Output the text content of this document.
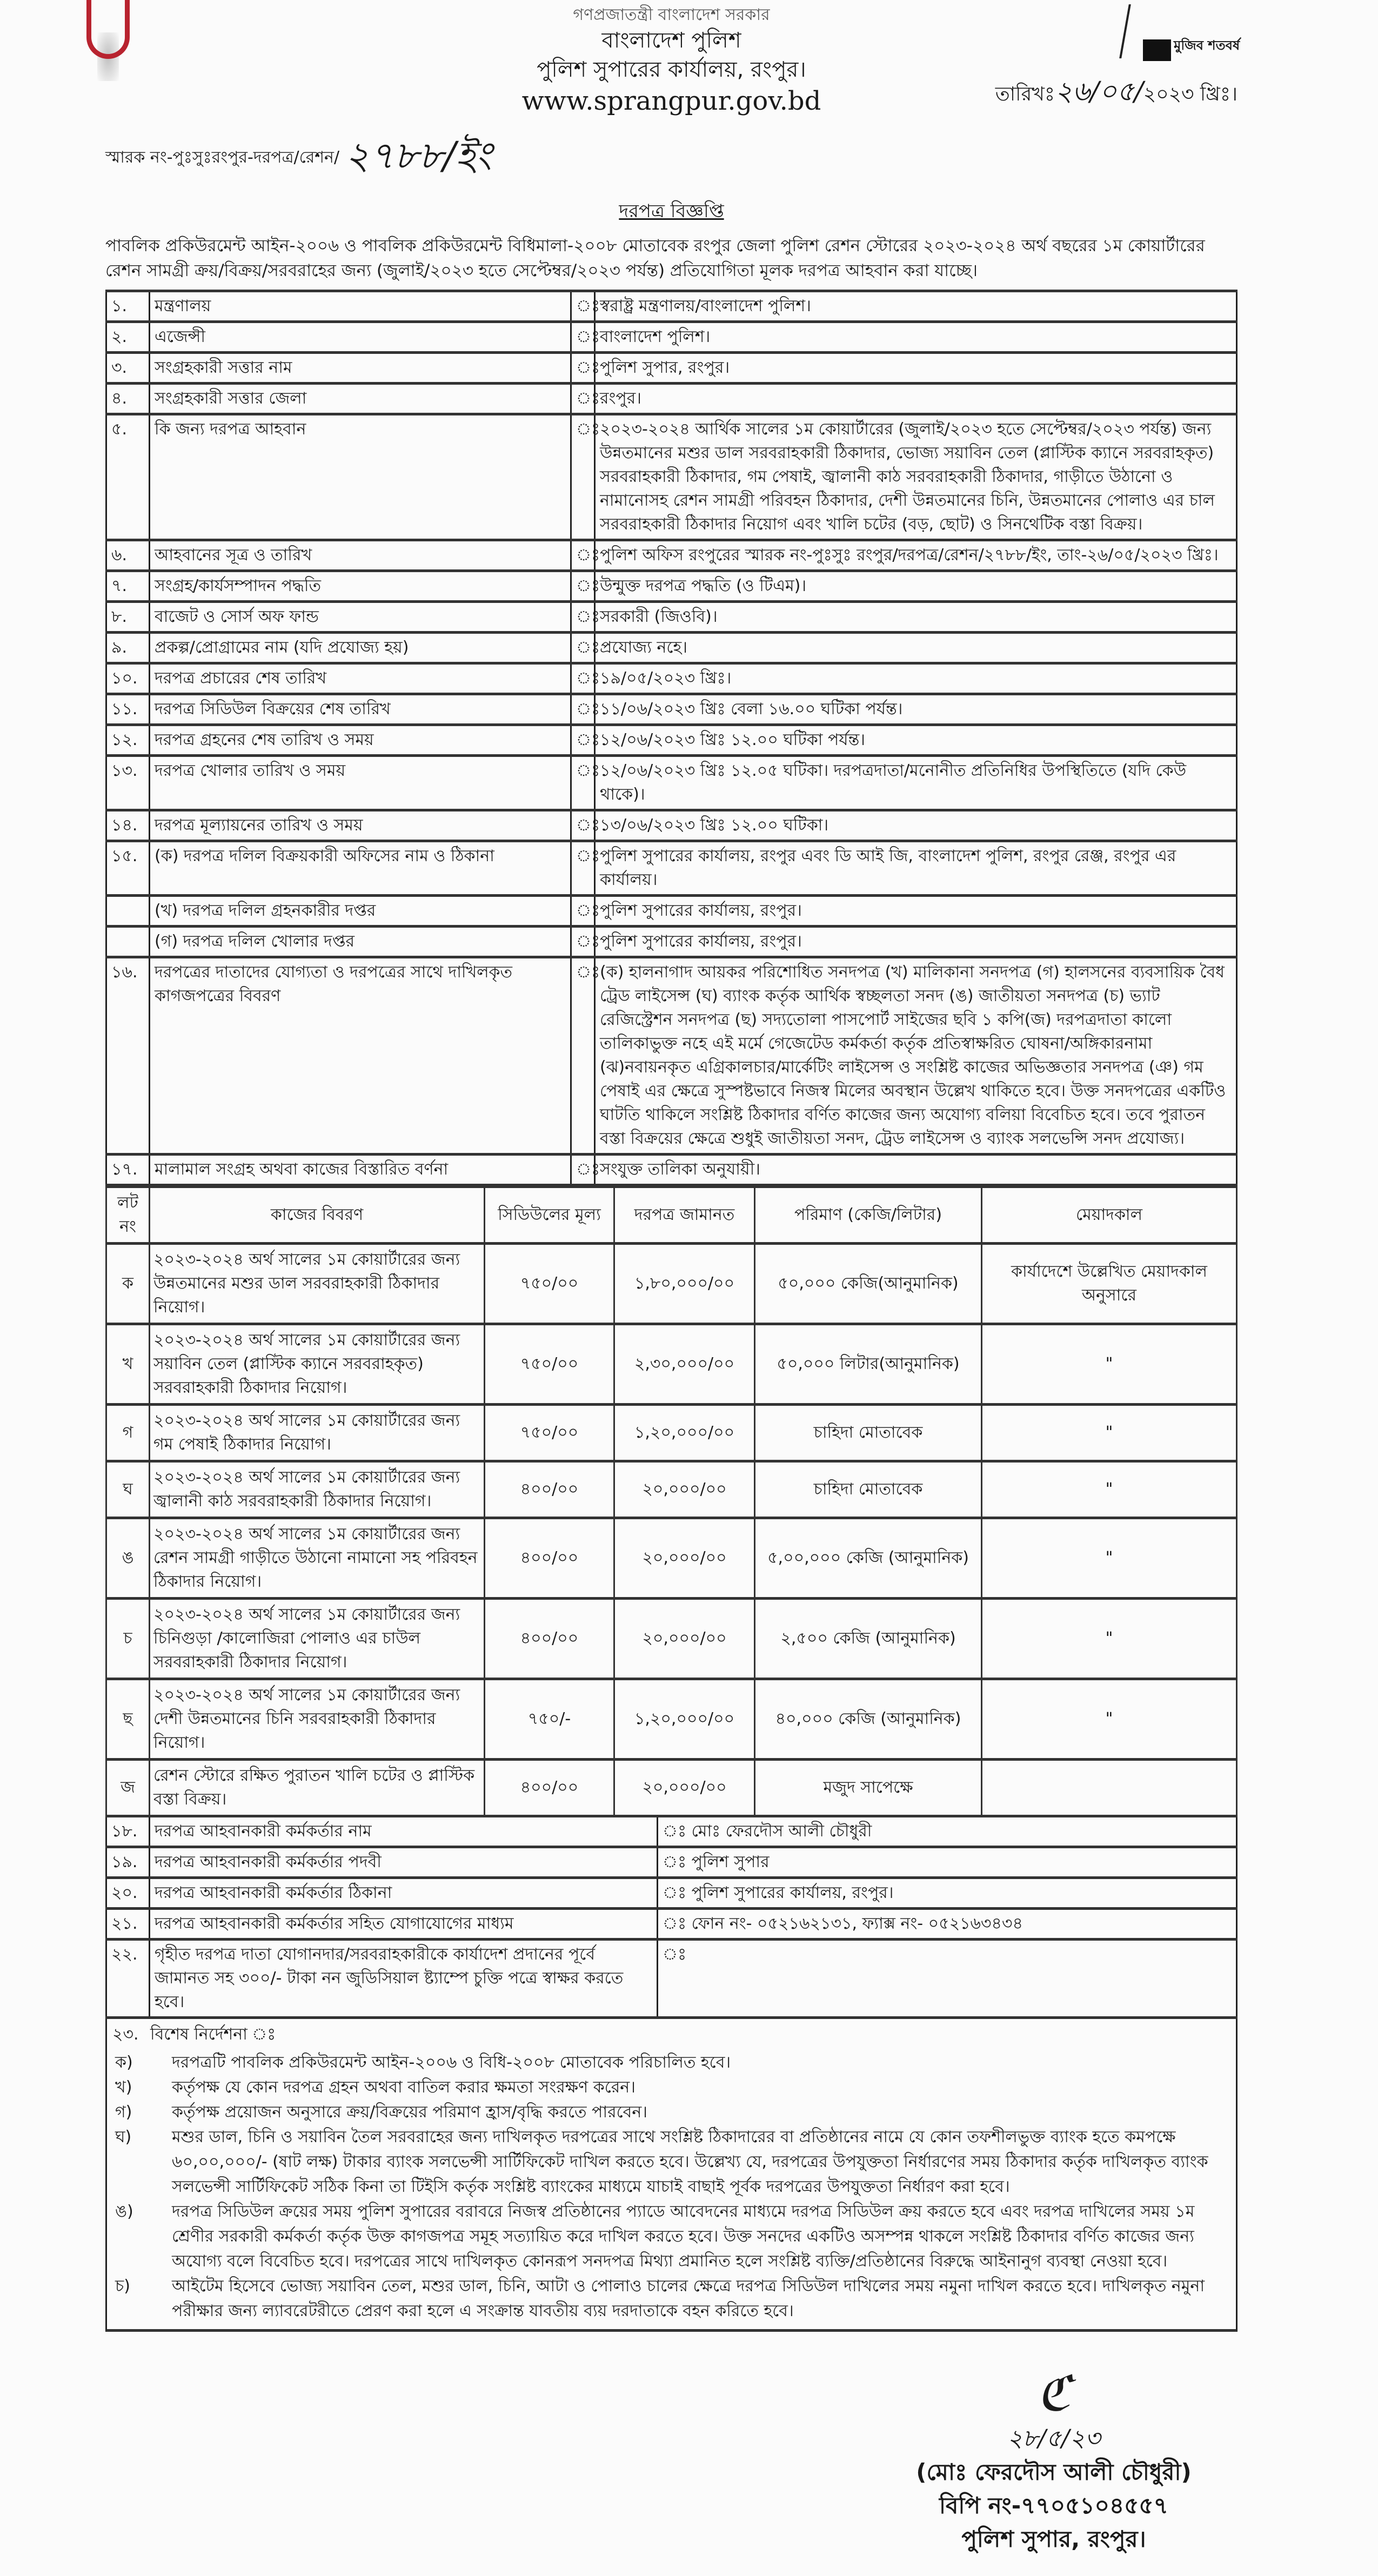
গণপ্রজাতন্ত্রী বাংলাদেশ সরকার
বাংলাদেশ পুলিশ
পুলিশ সুপারের কার্যালয়, রংপুর।
www.sprangpur.gov.bd
মুজিব শতবর্ষ
তারিখঃ২৬/০৫/২০২৩ খ্রিঃ।
স্মারক নং-পুঃসুঃরংপুর-দরপত্র/রেশন/ ২৭৮৮/ইং
দরপত্র বিজ্ঞপ্তি
পাবলিক প্রকিউরমেন্ট আইন-২০০৬ ও পাবলিক প্রকিউরমেন্ট বিধিমালা-২০০৮ মোতাবেক রংপুর জেলা পুলিশ রেশন স্টোরের ২০২৩-২০২৪ অর্থ বছরের ১ম কোয়ার্টারের রেশন সামগ্রী ক্রয়/বিক্রয়/সরবরাহের জন্য (জুলাই/২০২৩ হতে সেপ্টেম্বর/২০২৩ পর্যন্ত) প্রতিযোগিতা মূলক দরপত্র আহবান করা যাচ্ছে।
১.	মন্ত্রণালয়	ঃ	স্বরাষ্ট্র মন্ত্রণালয়/বাংলাদেশ পুলিশ।
২.	এজেন্সী	ঃ	বাংলাদেশ পুলিশ।
৩.	সংগ্রহকারী সত্তার নাম	ঃ	পুলিশ সুপার, রংপুর।
৪.	সংগ্রহকারী সত্তার জেলা	ঃ	রংপুর।
৫.	কি জন্য দরপত্র আহবান	ঃ	২০২৩-২০২৪ আর্থিক সালের ১ম কোয়ার্টারের (জুলাই/২০২৩ হতে সেপ্টেম্বর/২০২৩ পর্যন্ত) জন্য উন্নতমানের মশুর ডাল সরবরাহকারী ঠিকাদার, ভোজ্য সয়াবিন তেল (প্লাস্টিক ক্যানে সরবরাহকৃত) সরবরাহকারী ঠিকাদার, গম পেষাই, জ্বালানী কাঠ সরবরাহকারী ঠিকাদার, গাড়ীতে উঠানো ও নামানোসহ রেশন সামগ্রী পরিবহন ঠিকাদার, দেশী উন্নতমানের চিনি, উন্নতমানের পোলাও এর চাল সরবরাহকারী ঠিকাদার নিয়োগ এবং খালি চটের (বড়, ছোট) ও সিনথেটিক বস্তা বিক্রয়।
৬.	আহবানের সূত্র ও তারিখ	ঃ	পুলিশ অফিস রংপুরের স্মারক নং-পুঃসুঃ রংপুর/দরপত্র/রেশন/২৭৮৮/ইং, তাং-২৬/০৫/২০২৩ খ্রিঃ।
৭.	সংগ্রহ/কার্যসম্পাদন পদ্ধতি	ঃ	উন্মুক্ত দরপত্র পদ্ধতি (ও টিএম)।
৮.	বাজেট ও সোর্স অফ ফান্ড	ঃ	সরকারী (জিওবি)।
৯.	প্রকল্প/প্রোগ্রামের নাম (যদি প্রযোজ্য হয়)	ঃ	প্রযোজ্য নহে।
১০.	দরপত্র প্রচারের শেষ তারিখ	ঃ	১৯/০৫/২০২৩ খ্রিঃ।
১১.	দরপত্র সিডিউল বিক্রয়ের শেষ তারিখ	ঃ	১১/০৬/২০২৩ খ্রিঃ বেলা ১৬.০০ ঘটিকা পর্যন্ত।
১২.	দরপত্র গ্রহনের শেষ তারিখ ও সময়	ঃ	১২/০৬/২০২৩ খ্রিঃ ১২.০০ ঘটিকা পর্যন্ত।
১৩.	দরপত্র খোলার তারিখ ও সময়	ঃ	১২/০৬/২০২৩ খ্রিঃ ১২.০৫ ঘটিকা। দরপত্রদাতা/মনোনীত প্রতিনিধির উপস্থিতিতে (যদি কেউ থাকে)।
১৪.	দরপত্র মূল্যায়নের তারিখ ও সময়	ঃ	১৩/০৬/২০২৩ খ্রিঃ ১২.০০ ঘটিকা।
১৫.	(ক) দরপত্র দলিল বিক্রয়কারী অফিসের নাম ও ঠিকানা	ঃ	পুলিশ সুপারের কার্যালয়, রংপুর এবং ডি আই জি, বাংলাদেশ পুলিশ, রংপুর রেঞ্জ, রংপুর এর কার্যালয়।
	(খ) দরপত্র দলিল গ্রহনকারীর দপ্তর	ঃ	পুলিশ সুপারের কার্যালয়, রংপুর।
	(গ) দরপত্র দলিল খোলার দপ্তর	ঃ	পুলিশ সুপারের কার্যালয়, রংপুর।
১৬.	দরপত্রের দাতাদের যোগ্যতা ও দরপত্রের সাথে দাখিলকৃত কাগজপত্রের বিবরণ	ঃ	(ক) হালনাগাদ আয়কর পরিশোধিত সনদপত্র (খ) মালিকানা সনদপত্র (গ) হালসনের ব্যবসায়িক বৈধ ট্রেড লাইসেন্স (ঘ) ব্যাংক কর্তৃক আর্থিক স্বচ্ছলতা সনদ (ঙ) জাতীয়তা সনদপত্র (চ) ভ্যাট রেজিস্ট্রেশন সনদপত্র (ছ) সদ্যতোলা পাসপোর্ট সাইজের ছবি ১ কপি(জ) দরপত্রদাতা কালো তালিকাভুক্ত নহে এই মর্মে গেজেটেড কর্মকর্তা কর্তৃক প্রতিস্বাক্ষরিত ঘোষনা/অঙ্গিকারনামা (ঝ)নবায়নকৃত এগ্রিকালচার/মার্কেটিং লাইসেন্স ও সংশ্লিষ্ট কাজের অভিজ্ঞতার সনদপত্র (ঞ) গম পেষাই এর ক্ষেত্রে সুস্পষ্টভাবে নিজস্ব মিলের অবস্থান উল্লেখ থাকিতে হবে। উক্ত সনদপত্রের একটিও ঘাটতি থাকিলে সংশ্লিষ্ট ঠিকাদার বর্ণিত কাজের জন্য অযোগ্য বলিয়া বিবেচিত হবে। তবে পুরাতন বস্তা বিক্রয়ের ক্ষেত্রে শুধুই জাতীয়তা সনদ, ট্রেড লাইসেন্স ও ব্যাংক সলভেন্সি সনদ প্রযোজ্য।
১৭.	মালামাল সংগ্রহ অথবা কাজের বিস্তারিত বর্ণনা	ঃ	সংযুক্ত তালিকা অনুযায়ী।
লট নং	কাজের বিবরণ	সিডিউলের মূল্য	দরপত্র জামানত	পরিমাণ (কেজি/লিটার)	মেয়াদকাল
ক	২০২৩-২০২৪ অর্থ সালের ১ম কোয়ার্টারের জন্য উন্নতমানের মশুর ডাল সরবরাহকারী ঠিকাদার নিয়োগ।	৭৫০/০০	১,৮০,০০০/০০	৫০,০০০ কেজি(আনুমানিক)	কার্যাদেশে উল্লেখিত মেয়াদকাল অনুসারে
খ	২০২৩-২০২৪ অর্থ সালের ১ম কোয়ার্টারের জন্য সয়াবিন তেল (প্লাস্টিক ক্যানে সরবরাহকৃত) সরবরাহকারী ঠিকাদার নিয়োগ।	৭৫০/০০	২,৩০,০০০/০০	৫০,০০০ লিটার(আনুমানিক)	"
গ	২০২৩-২০২৪ অর্থ সালের ১ম কোয়ার্টারের জন্য গম পেষাই ঠিকাদার নিয়োগ।	৭৫০/০০	১,২০,০০০/০০	চাহিদা মোতাবেক	"
ঘ	২০২৩-২০২৪ অর্থ সালের ১ম কোয়ার্টারের জন্য জ্বালানী কাঠ সরবরাহকারী ঠিকাদার নিয়োগ।	৪০০/০০	২০,০০০/০০	চাহিদা মোতাবেক	"
ঙ	২০২৩-২০২৪ অর্থ সালের ১ম কোয়ার্টারের জন্য রেশন সামগ্রী গাড়ীতে উঠানো নামানো সহ পরিবহন ঠিকাদার নিয়োগ।	৪০০/০০	২০,০০০/০০	৫,০০,০০০ কেজি (আনুমানিক)	"
চ	২০২৩-২০২৪ অর্থ সালের ১ম কোয়ার্টারের জন্য চিনিগুড়া /কালোজিরা পোলাও এর চাউল সরবরাহকারী ঠিকাদার নিয়োগ।	৪০০/০০	২০,০০০/০০	২,৫০০ কেজি (আনুমানিক)	"
ছ	২০২৩-২০২৪ অর্থ সালের ১ম কোয়ার্টারের জন্য দেশী উন্নতমানের চিনি সরবরাহকারী ঠিকাদার নিয়োগ।	৭৫০/-	১,২০,০০০/০০	৪০,০০০ কেজি (আনুমানিক)	"
জ	রেশন স্টোরে রক্ষিত পুরাতন খালি চটের ও প্লাস্টিক বস্তা বিক্রয়।	৪০০/০০	২০,০০০/০০	মজুদ সাপেক্ষে	
১৮.	দরপত্র আহবানকারী কর্মকর্তার নাম	ঃ মোঃ ফেরদৌস আলী চৌধুরী
১৯.	দরপত্র আহবানকারী কর্মকর্তার পদবী	ঃ পুলিশ সুপার
২০.	দরপত্র আহবানকারী কর্মকর্তার ঠিকানা	ঃ পুলিশ সুপারের কার্যালয়, রংপুর।
২১.	দরপত্র আহবানকারী কর্মকর্তার সহিত যোগাযোগের মাধ্যম	ঃ ফোন নং- ০৫২১৬২১৩১, ফ্যাক্স নং- ০৫২১৬৩৪৩৪
২২.	গৃহীত দরপত্র দাতা যোগানদার/সরবরাহকারীকে কার্যাদেশ প্রদানের পূর্বে জামানত সহ ৩০০/- টাকা নন জুডিসিয়াল ষ্ট্যাম্পে চুক্তি পত্রে স্বাক্ষর করতে হবে।	ঃ
২৩. বিশেষ নির্দেশনা ঃ
ক)	দরপত্রটি পাবলিক প্রকিউরমেন্ট আইন-২০০৬ ও বিধি-২০০৮ মোতাবেক পরিচালিত হবে।
খ)	কর্তৃপক্ষ যে কোন দরপত্র গ্রহন অথবা বাতিল করার ক্ষমতা সংরক্ষণ করেন।
গ)	কর্তৃপক্ষ প্রয়োজন অনুসারে ক্রয়/বিক্রয়ের পরিমাণ হ্রাস/বৃদ্ধি করতে পারবেন।
ঘ)	মশুর ডাল, চিনি ও সয়াবিন তৈল সরবরাহের জন্য দাখিলকৃত দরপত্রের সাথে সংশ্লিষ্ট ঠিকাদারের বা প্রতিষ্ঠানের নামে যে কোন তফশীলভুক্ত ব্যাংক হতে কমপক্ষে ৬০,০০,০০০/- (ষাট লক্ষ) টাকার ব্যাংক সলভেন্সী সার্টিফিকেট দাখিল করতে হবে। উল্লেখ্য যে, দরপত্রের উপযুক্ততা নির্ধারণের সময় ঠিকাদার কর্তৃক দাখিলকৃত ব্যাংক সলভেন্সী সার্টিফিকেট সঠিক কিনা তা টিইসি কর্তৃক সংশ্লিষ্ট ব্যাংকের মাধ্যমে যাচাই বাছাই পূর্বক দরপত্রের উপযুক্ততা নির্ধারণ করা হবে।
ঙ)	দরপত্র সিডিউল ক্রয়ের সময় পুলিশ সুপারের বরাবরে নিজস্ব প্রতিষ্ঠানের প্যাডে আবেদনের মাধ্যমে দরপত্র সিডিউল ক্রয় করতে হবে এবং দরপত্র দাখিলের সময় ১ম শ্রেণীর সরকারী কর্মকর্তা কর্তৃক উক্ত কাগজপত্র সমূহ সত্যায়িত করে দাখিল করতে হবে। উক্ত সনদের একটিও অসম্পন্ন থাকলে সংশ্লিষ্ট ঠিকাদার বর্ণিত কাজের জন্য অযোগ্য বলে বিবেচিত হবে। দরপত্রের সাথে দাখিলকৃত কোনরূপ সনদপত্র মিথ্যা প্রমানিত হলে সংশ্লিষ্ট ব্যক্তি/প্রতিষ্ঠানের বিরুদ্ধে আইনানুগ ব্যবস্থা নেওয়া হবে।
চ)	আইটেম হিসেবে ভোজ্য সয়াবিন তেল, মশুর ডাল, চিনি, আটা ও পোলাও চালের ক্ষেত্রে দরপত্র সিডিউল দাখিলের সময় নমুনা দাখিল করতে হবে। দাখিলকৃত নমুনা পরীক্ষার জন্য ল্যাবরেটরীতে প্রেরণ করা হলে এ সংক্রান্ত যাবতীয় ব্যয় দরদাতাকে বহন করিতে হবে।
ℭ
২৮/৫/২৩
(মোঃ ফেরদৌস আলী চৌধুরী)
বিপি নং-৭৭০৫১০৪৫৫৭
পুলিশ সুপার, রংপুর।
